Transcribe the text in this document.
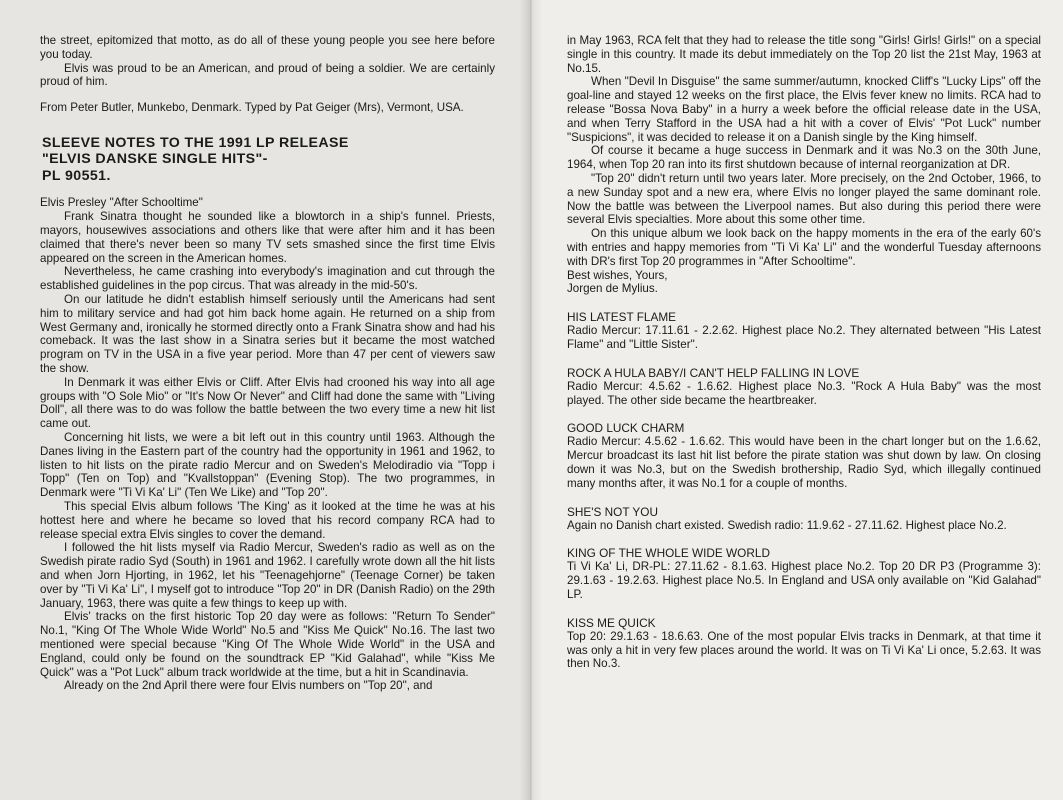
the street, epitomized that motto, as do all of these young people you see here before you today.

Elvis was proud to be an American, and proud of being a soldier. We are certainly proud of him.

From Peter Butler, Munkebo, Denmark. Typed by Pat Geiger (Mrs), Vermont, USA.

SLEEVE NOTES TO THE 1991 LP RELEASE
"ELVIS DANSKE SINGLE HITS"-
PL 90551.

Elvis Presley "After Schooltime"

Frank Sinatra thought he sounded like a blowtorch in a ship's funnel. Priests, mayors, housewives associations and others like that were after him and it has been claimed that there's never been so many TV sets smashed since the first time Elvis appeared on the screen in the American homes.

Nevertheless, he came crashing into everybody's imagination and cut through the established guidelines in the pop circus. That was already in the mid-50's.

On our latitude he didn't establish himself seriously until the Americans had sent him to military service and had got him back home again. He returned on a ship from West Germany and, ironically he stormed directly onto a Frank Sinatra show and had his comeback. It was the last show in a Sinatra series but it became the most watched program on TV in the USA in a five year period. More than 47 per cent of viewers saw the show.

In Denmark it was either Elvis or Cliff. After Elvis had crooned his way into all age groups with "O Sole Mio" or "It's Now Or Never" and Cliff had done the same with "Living Doll", all there was to do was follow the battle between the two every time a new hit list came out.

Concerning hit lists, we were a bit left out in this country until 1963. Although the Danes living in the Eastern part of the country had the opportunity in 1961 and 1962, to listen to hit lists on the pirate radio Mercur and on Sweden's Melodiradio via "Topp i Topp" (Ten on Top) and "Kvallstoppan" (Evening Stop). The two programmes, in Denmark were "Ti Vi Ka' Li" (Ten We Like) and "Top 20".

This special Elvis album follows 'The King' as it looked at the time he was at his hottest here and where he became so loved that his record company RCA had to release special extra Elvis singles to cover the demand.

I followed the hit lists myself via Radio Mercur, Sweden's radio as well as on the Swedish pirate radio Syd (South) in 1961 and 1962. I carefully wrote down all the hit lists and when Jorn Hjorting, in 1962, let his "Teenagehjorne" (Teenage Corner) be taken over by "Ti Vi Ka' Li", I myself got to introduce "Top 20" in DR (Danish Radio) on the 29th January, 1963, there was quite a few things to keep up with.

Elvis' tracks on the first historic Top 20 day were as follows: "Return To Sender" No.1, "King Of The Whole Wide World" No.5 and "Kiss Me Quick" No.16. The last two mentioned were special because "King Of The Whole Wide World" in the USA and England, could only be found on the soundtrack EP "Kid Galahad", while "Kiss Me Quick" was a "Pot Luck" album track worldwide at the time, but a hit in Scandinavia.

Already on the 2nd April there were four Elvis numbers on "Top 20", and

in May 1963, RCA felt that they had to release the title song "Girls! Girls! Girls!" on a special single in this country. It made its debut immediately on the Top 20 list the 21st May, 1963 at No.15.

When "Devil In Disguise" the same summer/autumn, knocked Cliff's "Lucky Lips" off the goal-line and stayed 12 weeks on the first place, the Elvis fever knew no limits. RCA had to release "Bossa Nova Baby" in a hurry a week before the official release date in the USA, and when Terry Stafford in the USA had a hit with a cover of Elvis' "Pot Luck" number "Suspicions", it was decided to release it on a Danish single by the King himself.

Of course it became a huge success in Denmark and it was No.3 on the 30th June, 1964, when Top 20 ran into its first shutdown because of internal reorganization at DR.

"Top 20" didn't return until two years later. More precisely, on the 2nd October, 1966, to a new Sunday spot and a new era, where Elvis no longer played the same dominant role. Now the battle was between the Liverpool names. But also during this period there were several Elvis specialties. More about this some other time.

On this unique album we look back on the happy moments in the era of the early 60's with entries and happy memories from "Ti Vi Ka' Li" and the wonderful Tuesday afternoons with DR's first Top 20 programmes in "After Schooltime".

Best wishes, Yours,

Jorgen de Mylius.

HIS LATEST FLAME

Radio Mercur: 17.11.61 - 2.2.62. Highest place No.2. They alternated between "His Latest Flame" and "Little Sister".

ROCK A HULA BABY/I CAN'T HELP FALLING IN LOVE

Radio Mercur: 4.5.62 - 1.6.62. Highest place No.3. "Rock A Hula Baby" was the most played. The other side became the heartbreaker.

GOOD LUCK CHARM

Radio Mercur: 4.5.62 - 1.6.62. This would have been in the chart longer but on the 1.6.62, Mercur broadcast its last hit list before the pirate station was shut down by law. On closing down it was No.3, but on the Swedish brothership, Radio Syd, which illegally continued many months after, it was No.1 for a couple of months.

SHE'S NOT YOU

Again no Danish chart existed. Swedish radio: 11.9.62 - 27.11.62. Highest place No.2.

KING OF THE WHOLE WIDE WORLD

Ti Vi Ka' Li, DR-PL: 27.11.62 - 8.1.63. Highest place No.2. Top 20 DR P3 (Programme 3): 29.1.63 - 19.2.63. Highest place No.5. In England and USA only available on "Kid Galahad" LP.

KISS ME QUICK

Top 20: 29.1.63 - 18.6.63. One of the most popular Elvis tracks in Denmark, at that time it was only a hit in very few places around the world. It was on Ti Vi Ka' Li once, 5.2.63. It was then No.3.
